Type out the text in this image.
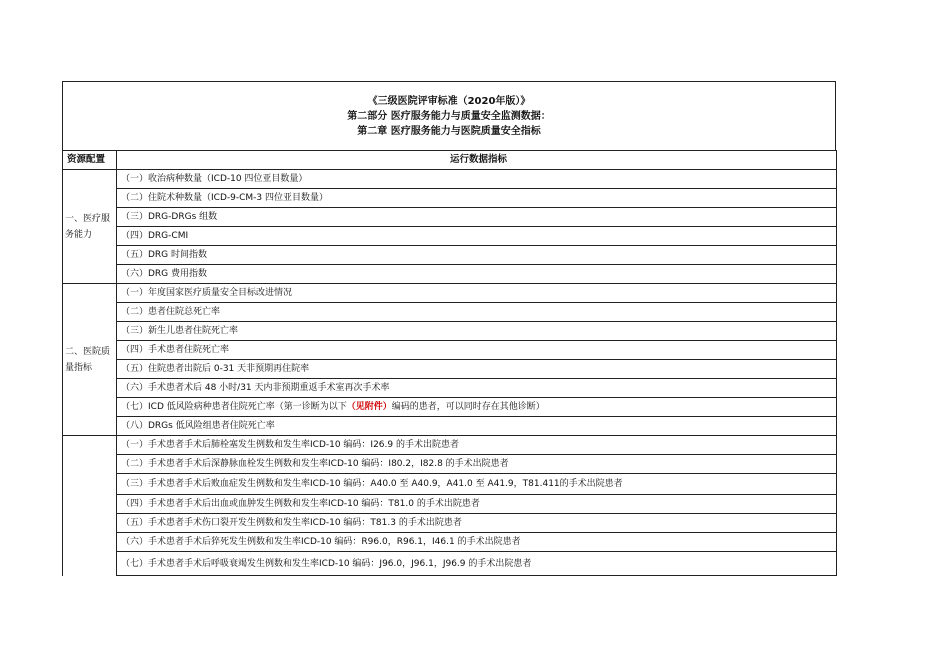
《三级医院评审标准（2020年版）》
第二部分 医疗服务能力与质量安全监测数据：
第二章 医疗服务能力与医院质量安全指标
资源配置	运行数据指标
一、医疗服务能力	（一）收治病种数量（ICD-10 四位亚目数量）
	（二）住院术种数量（ICD-9-CM-3 四位亚目数量）
	（三）DRG-DRGs 组数
	（四）DRG-CMI
	（五）DRG 时间指数
	（六）DRG 费用指数
二、医院质量指标	（一）年度国家医疗质量安全目标改进情况
	（二）患者住院总死亡率
	（三）新生儿患者住院死亡率
	（四）手术患者住院死亡率
	（五）住院患者出院后 0-31 天非预期再住院率
	（六）手术患者术后 48 小时/31 天内非预期重返手术室再次手术率
	（七）ICD 低风险病种患者住院死亡率（第一诊断为以下（见附件）编码的患者，可以同时存在其他诊断）
	（八）DRGs 低风险组患者住院死亡率
	（一）手术患者手术后肺栓塞发生例数和发生率ICD-10 编码：I26.9 的手术出院患者
	（二）手术患者手术后深静脉血栓发生例数和发生率ICD-10 编码：I80.2，I82.8 的手术出院患者
	（三）手术患者手术后败血症发生例数和发生率ICD-10 编码：A40.0 至 A40.9，A41.0 至 A41.9，T81.411的手术出院患者
	（四）手术患者手术后出血或血肿发生例数和发生率ICD-10 编码：T81.0 的手术出院患者
	（五）手术患者手术伤口裂开发生例数和发生率ICD-10 编码：T81.3 的手术出院患者
	（六）手术患者手术后猝死发生例数和发生率ICD-10 编码：R96.0，R96.1，I46.1 的手术出院患者
	（七）手术患者手术后呼吸衰竭发生例数和发生率ICD-10 编码：J96.0，J96.1，J96.9 的手术出院患者
